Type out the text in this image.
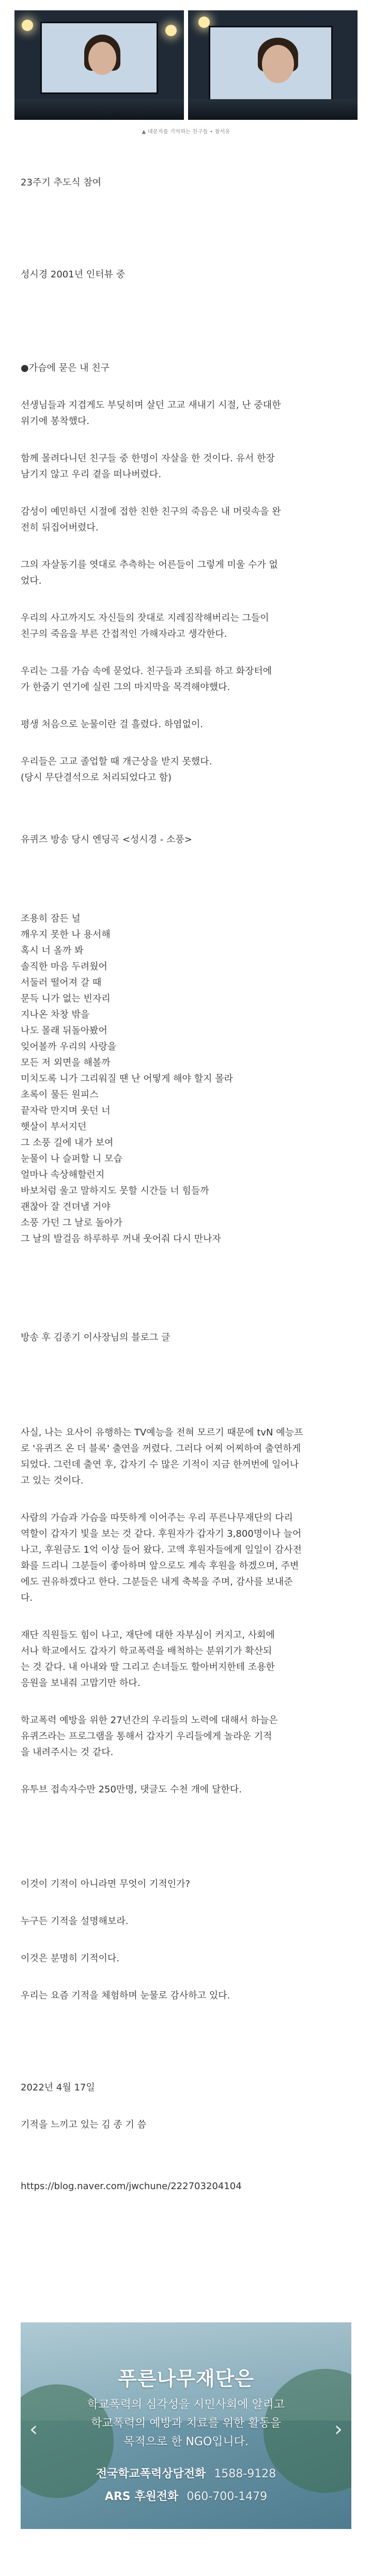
▲ 대문자를 기억하는 친구들 • 참서유
23주기 추도식 참여
성시경 2001년 인터뷰 중
●가슴에 묻은 내 친구
선생님들과 지겹게도 부딪히며 살던 고교 새내기 시절, 난 중대한
위기에 봉착했다.
함께 몰려다니던 친구들 중 한명이 자살을 한 것이다. 유서 한장
남기지 않고 우리 곁을 떠나버렸다.
감성이 예민하던 시절에 접한 친한 친구의 죽음은 내 머릿속을 완
전히 뒤집어버렸다.
그의 자살동기를 엿대로 추측하는 어른들이 그렇게 미울 수가 없
었다.
우리의 사고까지도 자신들의 잣대로 지레짐작해버리는 그들이
친구의 죽음을 부른 간접적인 가해자라고 생각한다.
우리는 그를 가슴 속에 묻었다. 친구들과 조퇴를 하고 화장터에
가 한줌기 연기에 실린 그의 마지막을 목격해야했다.
평생 처음으로 눈물이란 걸 흘렸다. 하염없이.
우리들은 고교 졸업할 때 개근상을 받지 못했다.
(당시 무단결석으로 처리되었다고 함)
유퀴즈 방송 당시 엔딩곡 <성시경 - 소풍>
조용히 잠든 널
깨우지 못한 나 용서해
혹시 너 올까 봐
솔직한 마음 두려웠어
서둘러 떨어져 갈 때
문득 니가 없는 빈자리
지나온 차창 밖을
나도 몰래 뒤돌아봤어
잊어볼까 우리의 사랑을
모든 저 외면을 해볼까
미치도록 니가 그리워질 땐 난 어떻게 해야 할지 몰라
초록이 물든 원피스
끝자락 만지며 웃던 너
햇살이 부서지던
그 소풍 길에 내가 보여
눈물이 나 슬퍼할 니 모습
얼마나 속상해할런지
바보처럼 울고 말하지도 못할 시간들 너 힘들까
괜찮아 잘 견뎌낼 거야
소풍 가던 그 날로 돌아가
그 날의 발걸음 하루하루 꺼내 웃어줘 다시 만나자
방송 후 김종기 이사장님의 블로그 글
사실, 나는 요사이 유행하는 TV예능을 전혀 모르기 때문에 tvN 예능프
로 '유퀴즈 온 더 블록' 출연을 꺼렸다. 그러다 어찌 어찌하여 출연하게
되었다. 그런데 출연 후, 갑자기 수 많은 기적이 지금 한꺼번에 일어나
고 있는 것이다.
사람의 가슴과 가슴을 따뜻하게 이어주는 우리 푸른나무재단의 다리
역할이 갑자기 빛을 보는 것 같다. 후원자가 갑자기 3,800명이나 늘어
나고, 후원금도 1억 이상 들어 왔다. 고액 후원자들에게 일일이 감사전
화를 드리니 그분들이 좋아하며 앞으로도 계속 후원을 하겠으며, 주변
에도 권유하겠다고 한다. 그분들은 내게 축복을 주며, 감사를 보내준
다.
재단 직원들도 힘이 나고, 재단에 대한 자부심이 커지고, 사회에
서나 학교에서도 갑자기 학교폭력을 배척하는 분위기가 확산되
는 것 같다. 내 아내와 딸 그리고 손녀들도 할아버지한테 조용한
응원을 보내줘 고맙기만 하다.
학교폭력 예방을 위한 27년간의 우리들의 노력에 대해서 하늘은
유퀴즈라는 프로그램을 통해서 갑자기 우리들에게 놀라운 기적
을 내려주시는 것 같다.
유투브 접속자수만 250만명, 댓글도 수천 개에 달한다.
이것이 기적이 아니라면 무엇이 기적인가?
누구든 기적을 설명해보라.
이것은 분명히 기적이다.
우리는 요즘 기적을 체험하며 눈물로 감사하고 있다.
2022년 4월 17일
기적을 느끼고 있는 김 종 기 씀
https://blog.naver.com/jwchune/222703204104
푸른나무재단은
학교폭력의 심각성을 시민사회에 알리고
학교폭력의 예방과 치료를 위한 활동을
목적으로 한 NGO입니다.
‹	›
전국학교폭력상담전화 1588-9128
ARS 후원전화 060-700-1479
